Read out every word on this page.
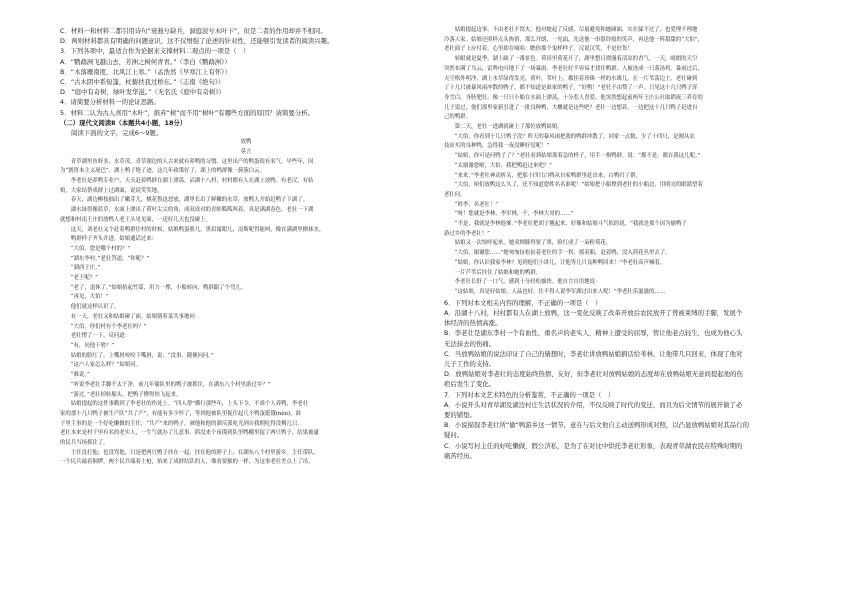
C．材料一和材料二都引用诗句“衰莪兮缺兵，洞庭波兮木叶下”，但是二者的作用却并不相同。
D．两则材料都具有明确的问题意识，这不仅增强了论述的针对性，还能够引发读者的阅读兴趣。
3．下列各项中，最适合作为论据来支撑材料二观点的一项是（　）
A．“鹦鹉洲飞越山去，芳洲之树何青青。”（李白《鹦鹉洲》）
B．“木落雁南度，北风江上寒。”（孟浩然《早寒江上有怀》）
C．“古木阴中系短篷，杖藜扶我过桥东。”（志南《绝句》）
D．“庭中有奇树，绿叶发华滋。”（无名氏《庭中有奇树》）
4．请简要分析材料一的论证思路。
5．材料二认为古人喜用“木叶”，摈弃“树”而不用“树叶”有哪些方面的原因？请简要分析。
（二）现代文阅读Ⅱ（本题共4小题，18分）
阅读下面的文字，完成6～9题。
放鸭
莫言
　　青草湖里鱼虾多，水草茂，青草湖边的人古来就有养鸭的习惯。这里出产的鸭蛋很有名气。早些年，因
为“割资本主义尾巴”，湖上鸭子绝了迹。这几年政策好了，湖上的鸭群像一簇簇白云。
　　李老壮是养鸭专业户，天天赶着鸭群在湖上漂荡。沼湖十八村，村村都有人在湖上放鸭。有老汉，有姑
娘，大家结帮成群上过湖面，说说笑笑地。
　　春天，湖边柳枝抽出了嫩芽儿，桃花鲁迅怒放，湖里长出了鲜嫩的水草，放鸭人开始赶鸭子下湖了。
　　湖水绿得像蓝草，水面上漂出了荷叶尖尖的角，成双成对的青蛙呱呱叫着，真是满湖春色。老壮一下湖
就想和村南王庄的放鸭人老王头见见面，一送好几天也没碰上。
　　这天，刘老壮又个赶着鸭群往村的时候，姑娘鸭蛋脸儿，黑眉寓眼儿，浪斯呢得能呵，像在满湖里撩抹水。
　　鸭群样子齐头并进，姑娘通话过来：
　　“大伯，您是哪个村的？”
　　“湖东李村，”老壮答道，“你呢？”
　　“湖西王庄。”
　　“老王呢？”
　　“老了，退休了。”姑娘抬起竹篙，用力一撑，小船转向，鸭群跟了个弯儿。
　　“再见，大伯！”
　　他们就这样认识了。
　　有一天，老壮又和姑娘碰了面。姑娘朝着菜共事地问：
　　“大伯，你们村有个李老壮吗？”
　　老壮愣了一下，反问道：
　　“有，问他干啥？”
　　姑娘的脸红了，上嘴唇咬咬下嘴唇，说：“没事，随便问问。”
　　“这户人家怎么样？”姑娘问。
　　“难说。”
　　“听说李老壮手脚不太干净，前几年偷队里的鸭子被抓住，在湖东八个村里游过乡？”
　　“游过。”老壮掉转船头，把鸭子撵得惊飞起来。
　　姑娘提起的这件事戳到了李老壮的伤处上。“四人帮”横行那些年，上头下令，不准个人养鸭，李老壮
家的那十几只鸭子被生产队“共了产”，有能有多少怀了，等到他被队里捉住起几个鸭蛋挺饿(nèn)，谁
子里主事的是一个好吃懒做的主任，“共产”来的鸭子，被他和他的溜反派吃光到自我佣吃得没剩几只。
老壮本来是村干里有名的老实人，一生气就办了儿意事。抓没来个夜摸到队里鸭棚里捉了两只鸭子，结果被逮
的民兵当场抓住了。
　　主任没打他，也没骂他，只是把两只鸭子挂在一起，挂在他的脖子上，在湖东八个村里游乡。主任带队，
一个民兵敲着铜锣，两个民兵端着土枪，抬来了成群结队的人，像看要猴的一样，为这事老壮差点上了吊。
　　姑娘提起这事，不由老壮不窝火。他对她起了反感，尽量避免和她碰面，实在躲不过了，也爱理不理地
冷落人家。姑娘还照样点头热情，那么开朗，一见面，先送他一串银铃般的笑声，再送他一阵甜甜的“大伯”，
老壮面子上应付着，心里却在嘀咕：瞧你那个鬼样样子，汉说汉笑，不是好货！
　　转眼就是夏季，湖上缺了一番景色。荷田里荷花开了，湖里整日漂漫着清凉的香气。一天，晴朗的天空
突然布满了乌云，雷鸣电闪地下了一场暴雨。李老壮好不容易才找住鸭群，人被浇成一只落汤鸡。暴雨过后，
天空格外明净，湖上水草绿得发亮，荷叶，苇叶上，都挂着珍珠一样的水珠儿。在一片苇荡边上，老壮碰到
了十几只被暴风雨冲散的鸭子，都不知道是谁家的鸭子。“好鸭！”老壮不由赞了一声。只见这十几只鸭子浑
身雪白，身胚肥壮，像一只只小船在水面上漂荡，十分惹人喜爱。他突然想起前两年王庄公社取销流三养育的
儿子说过，他们那里家新引进了一批良种鸭，大概就是这些吧？老壮一边想着，一边把这十几只鸭子赶进自
己的鸭群。
　　第二天，老壮一进湖就碰上了那位放鸭姑娘。
　　“大伯，你看到十几只鸭子没？昨天的暴风雨把我的鸭群冲散了，回家一点数，少了十四只，是刚从农
技站买的良种鸭，急得我一夜没睡好觉呢！”
　　“姑娘，你可是问鸭子了？”老壮看到姑娘那着急的样子，用手一指鸭群，说：“都不是，都在我这儿呢。”
　　“太谢谢您啦，大伯。我把鸭赶过来吧？”
　　“来来，”李老壮神动折头，把那十四只白鸭从自家鸭群里赶出来，白鸭归了群。
　　“大伯，咱们放鸭这么久了，还不知道您姓名名谁呢！”姑娘把小船撑到老壮的小船边，用明亮的眼睛望着
老壮问。
　　“姓李，名老壮！”
　　“呀！您就是李林，李军林，不，李林大哥的……”
　　“不是，我就是李林他爹。”李老壮把胡子翘起来，好像和姑娘斗气似的说，“我就是那个因为偷鸭子
游过乡的李老壮！”
　　姑娘又一次惊呼起来，她双颊腓得要了黑，脸红成了一朵粉荷花。
　　“大伯，谢谢您……”她匆匆扯松扯着老壮的手一拐，摇着船，赶着鸭，没入荷花丛里去了。
　　“姑娘，你认识我家李林？见到他们小讲儿，让他等几只良种鸭回来！”李老壮高声喊着。
　　一片芦苇后挂住了姑娘和她的鸭群。
　　李老壮长舒了一口气，感到十分轻松愉快。他自言自语地说：
　　“这姑娘，真是好姑娘。人品也好，往不得人说李军湖过出来人呢！”李老壮乐滋滋的……
6．下列对本文相关内容的理解，不正确的一项是（　）
A．沿湖十八村，村村都有人在湖上放鸭，这一变化反映了改革开放后农民放开了曾被束缚的手脚，发展个
体经济的热情高涨。
B．李老壮是湖东李村一个有血性，重名声的老实人，精神上遭受的屈辱，管让他老点轻生，也成为他心头
无法抹去的伤痛。
C．当放鸭姑娘的说法印证了自己的猜想时，李老壮讲放鸭姑娘捐话给苇林，让他带几只回来，体现了他对
儿子工作的支持。
D．放鸭姑娘对李老壮的态度始终热情、友好，但李老壮对放鸭姑娘的态度却在放鸭姑娘无意间提起他的伤
疤后发生了变化。
7．下列对本文艺术特色的分析鉴赏，不正确的一项是（　）
A．小说开头对青草湖及湖边村庄生活状况的介绍，不仅反映了时代的变迁，而且为后文情节的展开做了必
要的铺垫。
B．小说描叙李老壮所“偷”鸭游乡这一情节，意在与后文他自主动送鸭形成对照，以凸显放鸭姑娘对其品行的
疑问。
C．小说写村主任的好吃懒做，假公济私，是为了在对比中烘托李老壮形象，表现青草湖农民在特殊时期的
痛苦经历。
